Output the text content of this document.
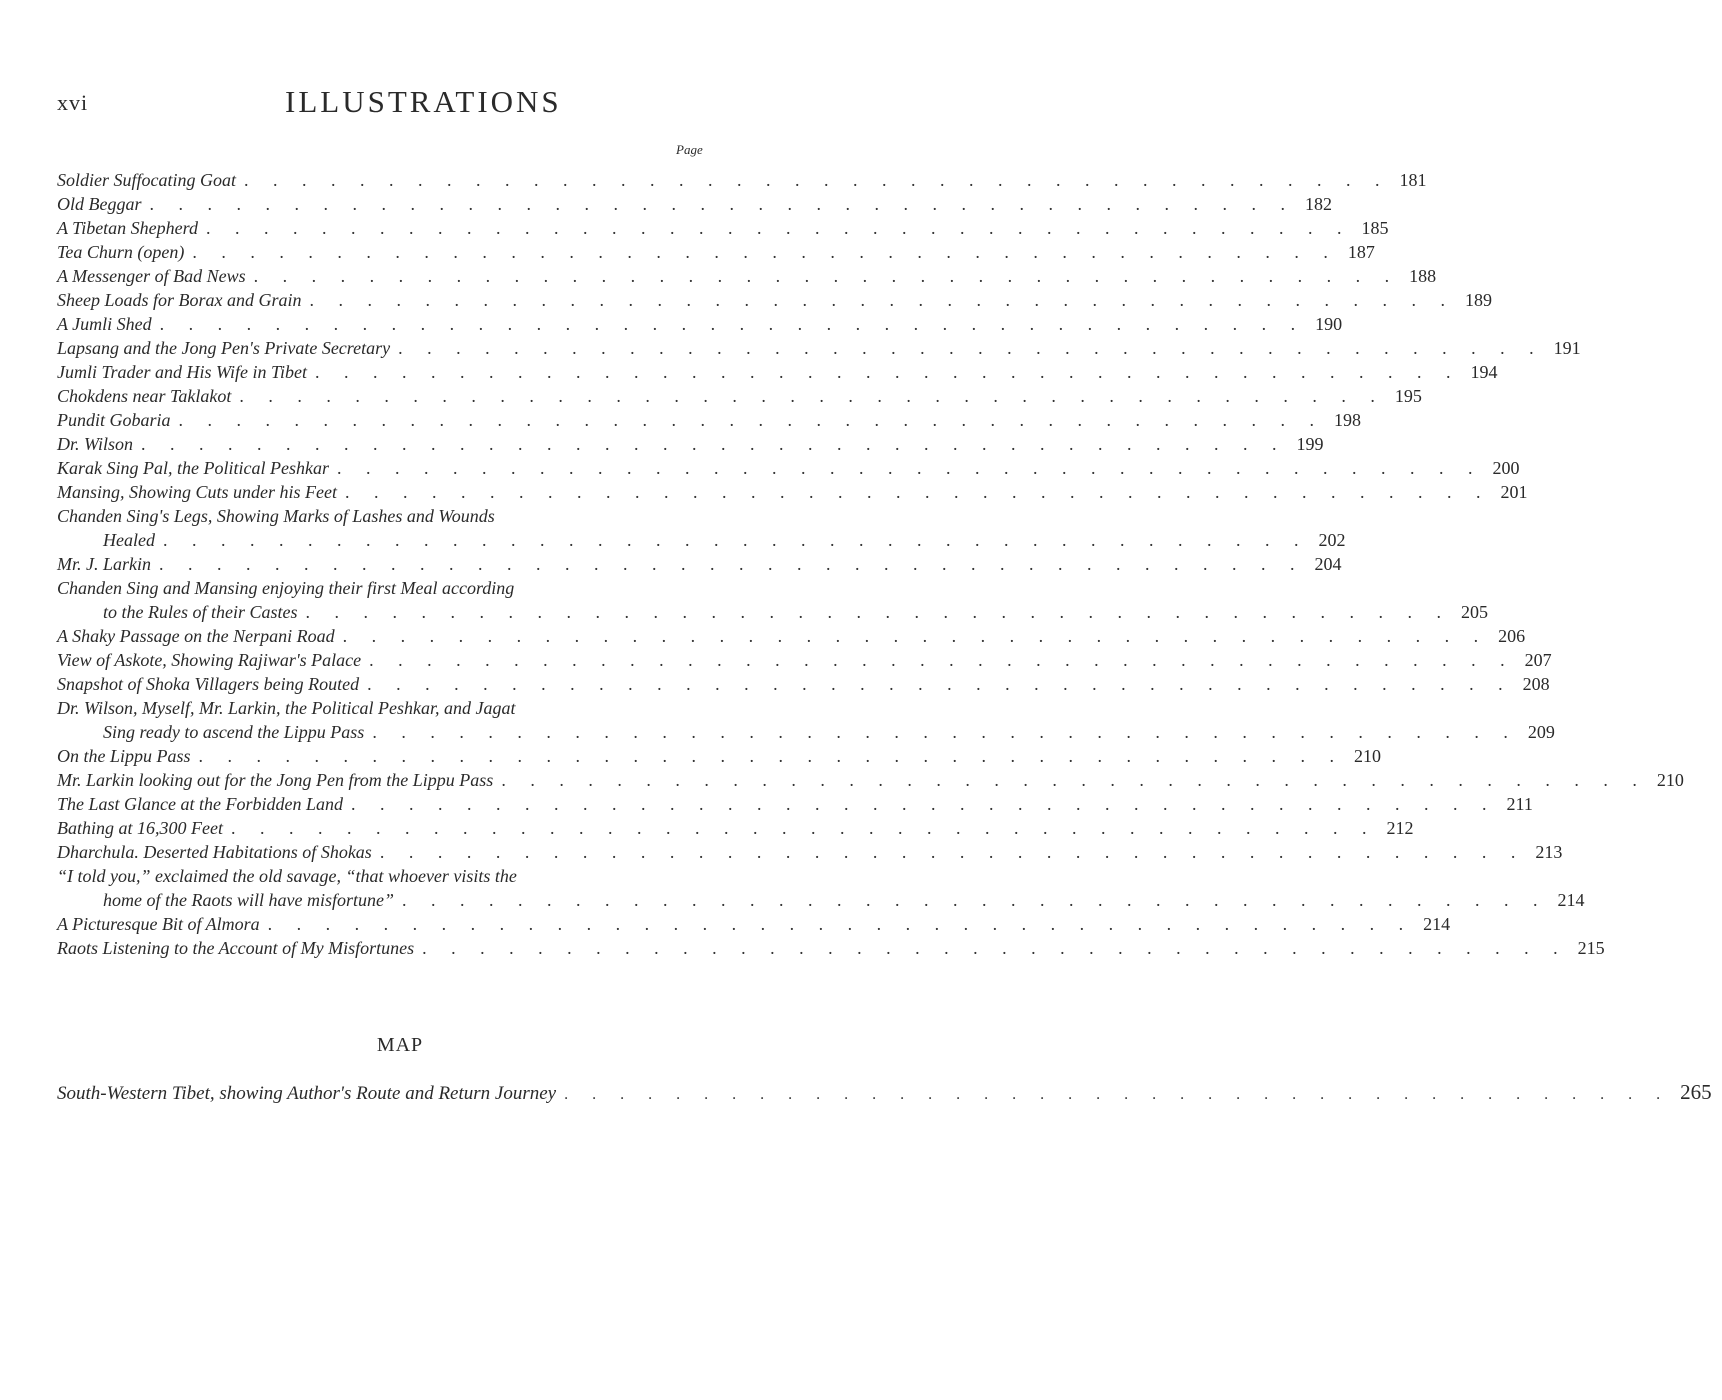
xvi	ILLUSTRATIONS
Page
Soldier Suffocating Goat . . . . . . . . . . . . . . . . . . . . . . . . . . . . . . . . . . . . . . . . 181
Old Beggar . . . . . . . . . . . . . . . . . . . . . . . . . . . . . . . . . . . . . . . . 182
A Tibetan Shepherd . . . . . . . . . . . . . . . . . . . . . . . . . . . . . . . . . . . . . . . . 185
Tea Churn (open) . . . . . . . . . . . . . . . . . . . . . . . . . . . . . . . . . . . . . . . . 187
A Messenger of Bad News . . . . . . . . . . . . . . . . . . . . . . . . . . . . . . . . . . . . . . . . 188
Sheep Loads for Borax and Grain . . . . . . . . . . . . . . . . . . . . . . . . . . . . . . . . . . . . . . . . 189
A Jumli Shed . . . . . . . . . . . . . . . . . . . . . . . . . . . . . . . . . . . . . . . . 190
Lapsang and the Jong Pen's Private Secretary . . . . . . . . . . . . . . . . . . . . . . . . . . . . . . . . . . . . . . . . 191
Jumli Trader and His Wife in Tibet . . . . . . . . . . . . . . . . . . . . . . . . . . . . . . . . . . . . . . . . 194
Chokdens near Taklakot . . . . . . . . . . . . . . . . . . . . . . . . . . . . . . . . . . . . . . . . 195
Pundit Gobaria . . . . . . . . . . . . . . . . . . . . . . . . . . . . . . . . . . . . . . . . 198
Dr. Wilson . . . . . . . . . . . . . . . . . . . . . . . . . . . . . . . . . . . . . . . . 199
Karak Sing Pal, the Political Peshkar . . . . . . . . . . . . . . . . . . . . . . . . . . . . . . . . . . . . . . . . 200
Mansing, Showing Cuts under his Feet . . . . . . . . . . . . . . . . . . . . . . . . . . . . . . . . . . . . . . . . 201
Chanden Sing's Legs, Showing Marks of Lashes and Wounds
Healed . . . . . . . . . . . . . . . . . . . . . . . . . . . . . . . . . . . . . . . . 202
Mr. J. Larkin . . . . . . . . . . . . . . . . . . . . . . . . . . . . . . . . . . . . . . . . 204
Chanden Sing and Mansing enjoying their first Meal according
to the Rules of their Castes . . . . . . . . . . . . . . . . . . . . . . . . . . . . . . . . . . . . . . . . 205
A Shaky Passage on the Nerpani Road . . . . . . . . . . . . . . . . . . . . . . . . . . . . . . . . . . . . . . . . 206
View of Askote, Showing Rajiwar's Palace . . . . . . . . . . . . . . . . . . . . . . . . . . . . . . . . . . . . . . . . 207
Snapshot of Shoka Villagers being Routed . . . . . . . . . . . . . . . . . . . . . . . . . . . . . . . . . . . . . . . . 208
Dr. Wilson, Myself, Mr. Larkin, the Political Peshkar, and Jagat
Sing ready to ascend the Lippu Pass . . . . . . . . . . . . . . . . . . . . . . . . . . . . . . . . . . . . . . . . 209
On the Lippu Pass . . . . . . . . . . . . . . . . . . . . . . . . . . . . . . . . . . . . . . . . 210
Mr. Larkin looking out for the Jong Pen from the Lippu Pass . . . . . . . . . . . . . . . . . . . . . . . . . . . . . . . . . . . . . . . . 210
The Last Glance at the Forbidden Land . . . . . . . . . . . . . . . . . . . . . . . . . . . . . . . . . . . . . . . . 211
Bathing at 16,300 Feet . . . . . . . . . . . . . . . . . . . . . . . . . . . . . . . . . . . . . . . . 212
Dharchula. Deserted Habitations of Shokas . . . . . . . . . . . . . . . . . . . . . . . . . . . . . . . . . . . . . . . . 213
“I told you,” exclaimed the old savage, “that whoever visits the
home of the Raots will have misfortune” . . . . . . . . . . . . . . . . . . . . . . . . . . . . . . . . . . . . . . . . 214
A Picturesque Bit of Almora . . . . . . . . . . . . . . . . . . . . . . . . . . . . . . . . . . . . . . . . 214
Raots Listening to the Account of My Misfortunes . . . . . . . . . . . . . . . . . . . . . . . . . . . . . . . . . . . . . . . . 215
MAP
South-Western Tibet, showing Author's Route and Return Journey . . . . . . . . . . . . . . . . . . . . . . . . . . . . . . . . . . . . . . . . 265
